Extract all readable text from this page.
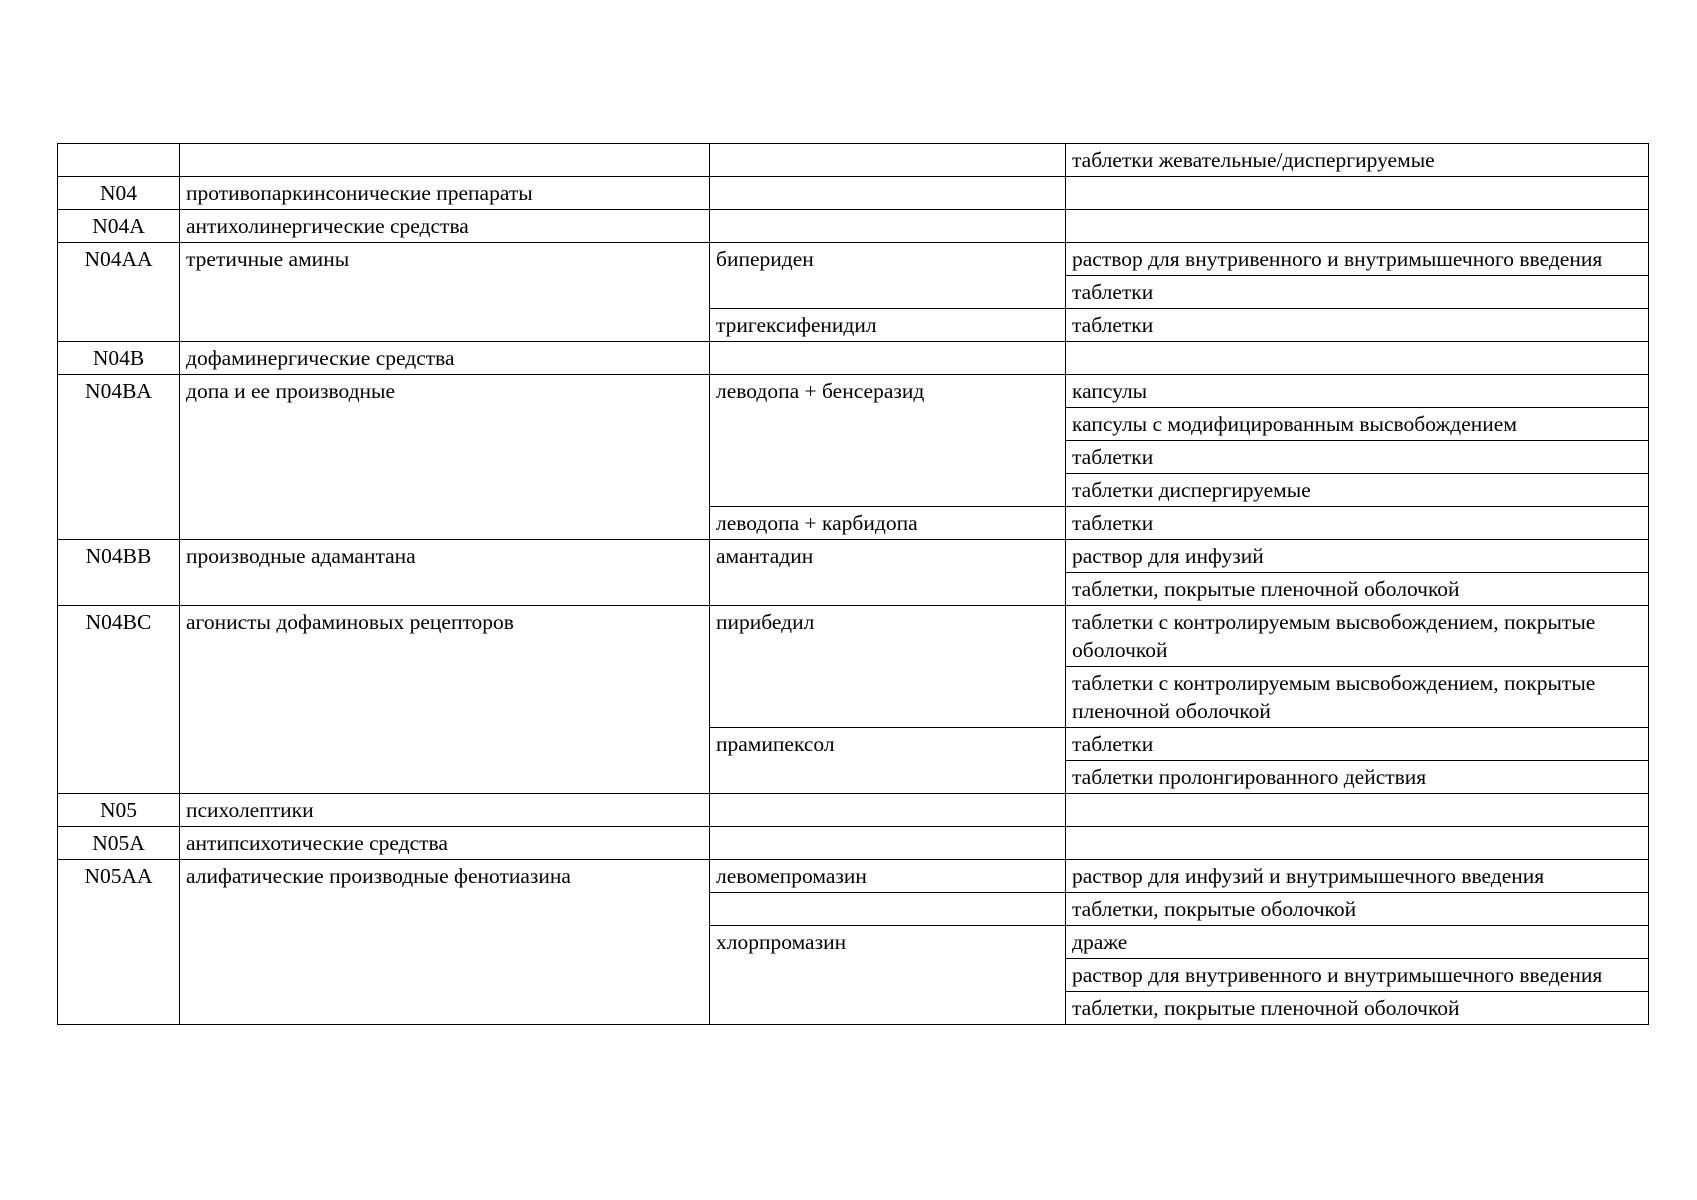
			таблетки жевательные/диспергируемые

N04	противопаркинсонические препараты		

N04A	антихолинергические средства		

N04AA	третичные амины	бипериден	раствор для внутривенного и внутримышечного введения

			таблетки

		тригексифенидил	таблетки

N04B	дофаминергические средства		

N04BA	допа и ее производные	леводопа + бенсеразид	капсулы

			капсулы с модифицированным высвобождением

			таблетки

			таблетки диспергируемые

		леводопа + карбидопа	таблетки

N04BB	производные адамантана	амантадин	раствор для инфузий

			таблетки, покрытые пленочной оболочкой

N04BC	агонисты дофаминовых рецепторов	пирибедил	таблетки с контролируемым высвобождением, покрытые оболочкой

			таблетки с контролируемым высвобождением, покрытые пленочной оболочкой

		прамипексол	таблетки

			таблетки пролонгированного действия

N05	психолептики		

N05A	антипсихотические средства		

N05AA	алифатические производные фенотиазина	левомепромазин	раствор для инфузий и внутримышечного введения

			таблетки, покрытые оболочкой

		хлорпромазин	драже

			раствор для внутривенного и внутримышечного введения

			таблетки, покрытые пленочной оболочкой
